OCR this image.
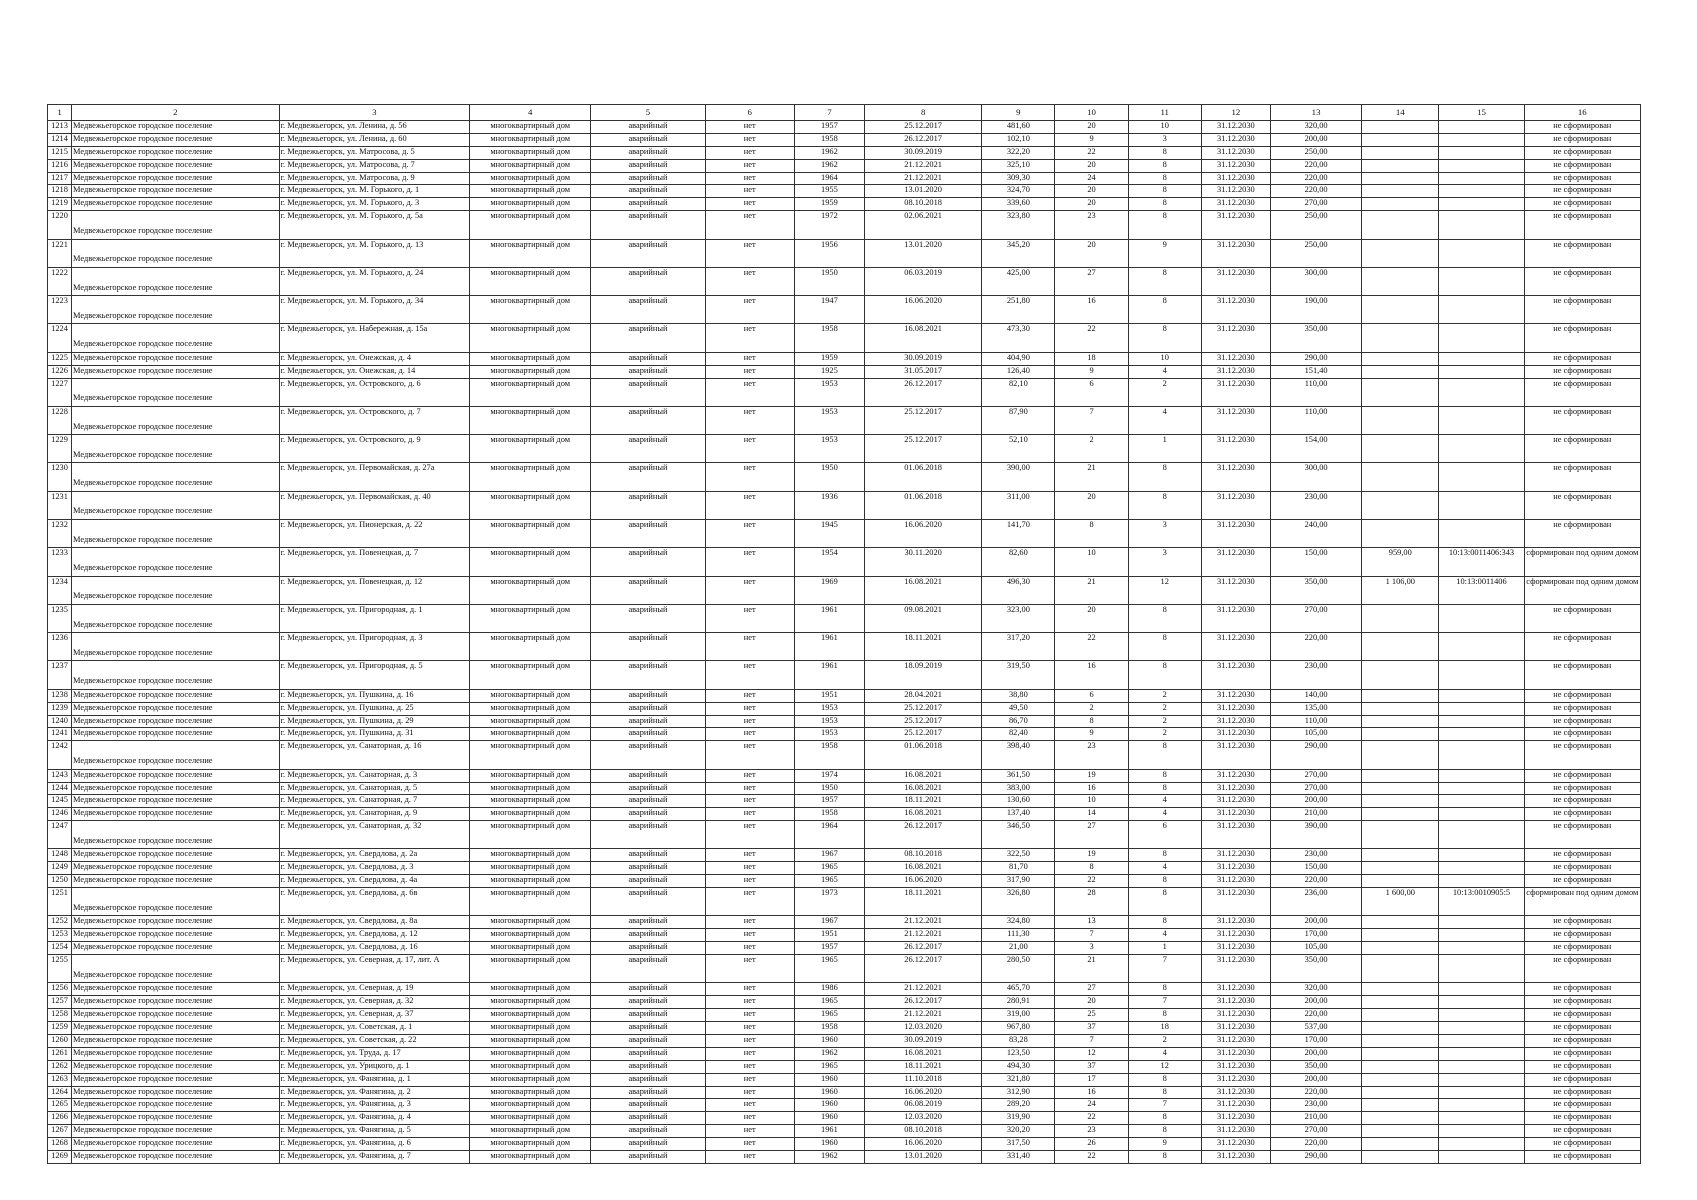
1	2	3	4	5	6	7	8	9	10	11	12	13	14	15	16
1213	Медвежьегорское городское поселение	г. Медвежьегорск, ул. Ленина, д. 56	многоквартирный дом	аварийный	нет	1957	25.12.2017	481,60	20	10	31.12.2030	320,00			не сформирован
1214	Медвежьегорское городское поселение	г. Медвежьегорск, ул. Ленина, д. 60	многоквартирный дом	аварийный	нет	1958	26.12.2017	102,10	9	3	31.12.2030	200,00			не сформирован
1215	Медвежьегорское городское поселение	г. Медвежьегорск, ул. Матросова, д. 5	многоквартирный дом	аварийный	нет	1962	30.09.2019	322,20	22	8	31.12.2030	250,00			не сформирован
1216	Медвежьегорское городское поселение	г. Медвежьегорск, ул. Матросова, д. 7	многоквартирный дом	аварийный	нет	1962	21.12.2021	325,10	20	8	31.12.2030	220,00			не сформирован
1217	Медвежьегорское городское поселение	г. Медвежьегорск, ул. Матросова, д. 9	многоквартирный дом	аварийный	нет	1964	21.12.2021	309,30	24	8	31.12.2030	220,00			не сформирован
1218	Медвежьегорское городское поселение	г. Медвежьегорск, ул. М. Горького, д. 1	многоквартирный дом	аварийный	нет	1955	13.01.2020	324,70	20	8	31.12.2030	220,00			не сформирован
1219	Медвежьегорское городское поселение	г. Медвежьегорск, ул. М. Горького, д. 3	многоквартирный дом	аварийный	нет	1959	08.10.2018	339,60	20	8	31.12.2030	270,00			не сформирован
1220	Медвежьегорское городское поселение	г. Медвежьегорск, ул. М. Горького, д. 5а	многоквартирный дом	аварийный	нет	1972	02.06.2021	323,80	23	8	31.12.2030	250,00			не сформирован
1221	Медвежьегорское городское поселение	г. Медвежьегорск, ул. М. Горького, д. 13	многоквартирный дом	аварийный	нет	1956	13.01.2020	345,20	20	9	31.12.2030	250,00			не сформирован
1222	Медвежьегорское городское поселение	г. Медвежьегорск, ул. М. Горького, д. 24	многоквартирный дом	аварийный	нет	1950	06.03.2019	425,00	27	8	31.12.2030	300,00			не сформирован
1223	Медвежьегорское городское поселение	г. Медвежьегорск, ул. М. Горького, д. 34	многоквартирный дом	аварийный	нет	1947	16.06.2020	251,80	16	8	31.12.2030	190,00			не сформирован
1224	Медвежьегорское городское поселение	г. Медвежьегорск, ул. Набережная, д. 15а	многоквартирный дом	аварийный	нет	1958	16.08.2021	473,30	22	8	31.12.2030	350,00			не сформирован
1225	Медвежьегорское городское поселение	г. Медвежьегорск, ул. Онежская, д. 4	многоквартирный дом	аварийный	нет	1959	30.09.2019	404,90	18	10	31.12.2030	290,00			не сформирован
1226	Медвежьегорское городское поселение	г. Медвежьегорск, ул. Онежская, д. 14	многоквартирный дом	аварийный	нет	1925	31.05.2017	126,40	9	4	31.12.2030	151,40			не сформирован
1227	Медвежьегорское городское поселение	г. Медвежьегорск, ул. Островского, д. 6	многоквартирный дом	аварийный	нет	1953	26.12.2017	82,10	6	2	31.12.2030	110,00			не сформирован
1228	Медвежьегорское городское поселение	г. Медвежьегорск, ул. Островского, д. 7	многоквартирный дом	аварийный	нет	1953	25.12.2017	87,90	7	4	31.12.2030	110,00			не сформирован
1229	Медвежьегорское городское поселение	г. Медвежьегорск, ул. Островского, д. 9	многоквартирный дом	аварийный	нет	1953	25.12.2017	52,10	2	1	31.12.2030	154,00			не сформирован
1230	Медвежьегорское городское поселение	г. Медвежьегорск, ул. Первомайская, д. 27а	многоквартирный дом	аварийный	нет	1950	01.06.2018	390,00	21	8	31.12.2030	300,00			не сформирован
1231	Медвежьегорское городское поселение	г. Медвежьегорск, ул. Первомайская, д. 40	многоквартирный дом	аварийный	нет	1936	01.06.2018	311,00	20	8	31.12.2030	230,00			не сформирован
1232	Медвежьегорское городское поселение	г. Медвежьегорск, ул. Пионерская, д. 22	многоквартирный дом	аварийный	нет	1945	16.06.2020	141,70	8	3	31.12.2030	240,00			не сформирован
1233	Медвежьегорское городское поселение	г. Медвежьегорск, ул. Повенецкая, д. 7	многоквартирный дом	аварийный	нет	1954	30.11.2020	82,60	10	3	31.12.2030	150,00	959,00	10:13:0011406:343	сформирован под одним домом
1234	Медвежьегорское городское поселение	г. Медвежьегорск, ул. Повенецкая, д. 12	многоквартирный дом	аварийный	нет	1969	16.08.2021	496,30	21	12	31.12.2030	350,00	1 106,00	10:13:0011406	сформирован под одним домом
1235	Медвежьегорское городское поселение	г. Медвежьегорск, ул. Пригородная, д. 1	многоквартирный дом	аварийный	нет	1961	09.08.2021	323,00	20	8	31.12.2030	270,00			не сформирован
1236	Медвежьегорское городское поселение	г. Медвежьегорск, ул. Пригородная, д. 3	многоквартирный дом	аварийный	нет	1961	18.11.2021	317,20	22	8	31.12.2030	220,00			не сформирован
1237	Медвежьегорское городское поселение	г. Медвежьегорск, ул. Пригородная, д. 5	многоквартирный дом	аварийный	нет	1961	18.09.2019	319,50	16	8	31.12.2030	230,00			не сформирован
1238	Медвежьегорское городское поселение	г. Медвежьегорск, ул. Пушкина, д. 16	многоквартирный дом	аварийный	нет	1951	28.04.2021	38,80	6	2	31.12.2030	140,00			не сформирован
1239	Медвежьегорское городское поселение	г. Медвежьегорск, ул. Пушкина, д. 25	многоквартирный дом	аварийный	нет	1953	25.12.2017	49,50	2	2	31.12.2030	135,00			не сформирован
1240	Медвежьегорское городское поселение	г. Медвежьегорск, ул. Пушкина, д. 29	многоквартирный дом	аварийный	нет	1953	25.12.2017	86,70	8	2	31.12.2030	110,00			не сформирован
1241	Медвежьегорское городское поселение	г. Медвежьегорск, ул. Пушкина, д. 31	многоквартирный дом	аварийный	нет	1953	25.12.2017	82,40	9	2	31.12.2030	105,00			не сформирован
1242	Медвежьегорское городское поселение	г. Медвежьегорск, ул. Санаторная, д. 16	многоквартирный дом	аварийный	нет	1958	01.06.2018	398,40	23	8	31.12.2030	290,00			не сформирован
1243	Медвежьегорское городское поселение	г. Медвежьегорск, ул. Санаторная, д. 3	многоквартирный дом	аварийный	нет	1974	16.08.2021	361,50	19	8	31.12.2030	270,00			не сформирован
1244	Медвежьегорское городское поселение	г. Медвежьегорск, ул. Санаторная, д. 5	многоквартирный дом	аварийный	нет	1950	16.08.2021	383,00	16	8	31.12.2030	270,00			не сформирован
1245	Медвежьегорское городское поселение	г. Медвежьегорск, ул. Санаторная, д. 7	многоквартирный дом	аварийный	нет	1957	18.11.2021	130,60	10	4	31.12.2030	200,00			не сформирован
1246	Медвежьегорское городское поселение	г. Медвежьегорск, ул. Санаторная, д. 9	многоквартирный дом	аварийный	нет	1958	16.08.2021	137,40	14	4	31.12.2030	210,00			не сформирован
1247	Медвежьегорское городское поселение	г. Медвежьегорск, ул. Санаторная, д. 32	многоквартирный дом	аварийный	нет	1964	26.12.2017	346,50	27	6	31.12.2030	390,00			не сформирован
1248	Медвежьегорское городское поселение	г. Медвежьегорск, ул. Свердлова, д. 2а	многоквартирный дом	аварийный	нет	1967	08.10.2018	322,50	19	8	31.12.2030	230,00			не сформирован
1249	Медвежьегорское городское поселение	г. Медвежьегорск, ул. Свердлова, д. 3	многоквартирный дом	аварийный	нет	1965	16.08.2021	81,70	8	4	31.12.2030	150,00			не сформирован
1250	Медвежьегорское городское поселение	г. Медвежьегорск, ул. Свердлова, д. 4а	многоквартирный дом	аварийный	нет	1965	16.06.2020	317,90	22	8	31.12.2030	220,00			не сформирован
1251	Медвежьегорское городское поселение	г. Медвежьегорск, ул. Свердлова, д. 6в	многоквартирный дом	аварийный	нет	1973	18.11.2021	326,80	28	8	31.12.2030	236,00	1 600,00	10:13:0010905:5	сформирован под одним домом
1252	Медвежьегорское городское поселение	г. Медвежьегорск, ул. Свердлова, д. 8а	многоквартирный дом	аварийный	нет	1967	21.12.2021	324,80	13	8	31.12.2030	200,00			не сформирован
1253	Медвежьегорское городское поселение	г. Медвежьегорск, ул. Свердлова, д. 12	многоквартирный дом	аварийный	нет	1951	21.12.2021	111,30	7	4	31.12.2030	170,00			не сформирован
1254	Медвежьегорское городское поселение	г. Медвежьегорск, ул. Свердлова, д. 16	многоквартирный дом	аварийный	нет	1957	26.12.2017	21,00	3	1	31.12.2030	105,00			не сформирован
1255	Медвежьегорское городское поселение	г. Медвежьегорск, ул. Северная, д. 17, лит. А	многоквартирный дом	аварийный	нет	1965	26.12.2017	280,50	21	7	31.12.2030	350,00			не сформирован
1256	Медвежьегорское городское поселение	г. Медвежьегорск, ул. Северная, д. 19	многоквартирный дом	аварийный	нет	1986	21.12.2021	465,70	27	8	31.12.2030	320,00			не сформирован
1257	Медвежьегорское городское поселение	г. Медвежьегорск, ул. Северная, д. 32	многоквартирный дом	аварийный	нет	1965	26.12.2017	280,91	20	7	31.12.2030	200,00			не сформирован
1258	Медвежьегорское городское поселение	г. Медвежьегорск, ул. Северная, д. 37	многоквартирный дом	аварийный	нет	1965	21.12.2021	319,00	25	8	31.12.2030	220,00			не сформирован
1259	Медвежьегорское городское поселение	г. Медвежьегорск, ул. Советская, д. 1	многоквартирный дом	аварийный	нет	1958	12.03.2020	967,80	37	18	31.12.2030	537,00			не сформирован
1260	Медвежьегорское городское поселение	г. Медвежьегорск, ул. Советская, д. 22	многоквартирный дом	аварийный	нет	1960	30.09.2019	83,28	7	2	31.12.2030	170,00			не сформирован
1261	Медвежьегорское городское поселение	г. Медвежьегорск, ул. Труда, д. 17	многоквартирный дом	аварийный	нет	1962	16.08.2021	123,50	12	4	31.12.2030	200,00			не сформирован
1262	Медвежьегорское городское поселение	г. Медвежьегорск, ул. Урицкого, д. 1	многоквартирный дом	аварийный	нет	1965	18.11.2021	494,30	37	12	31.12.2030	350,00			не сформирован
1263	Медвежьегорское городское поселение	г. Медвежьегорск, ул. Фанягина, д. 1	многоквартирный дом	аварийный	нет	1960	11.10.2018	321,80	17	8	31.12.2030	200,00			не сформирован
1264	Медвежьегорское городское поселение	г. Медвежьегорск, ул. Фанягина, д. 2	многоквартирный дом	аварийный	нет	1960	16.06.2020	312,90	16	8	31.12.2030	220,00			не сформирован
1265	Медвежьегорское городское поселение	г. Медвежьегорск, ул. Фанягина, д. 3	многоквартирный дом	аварийный	нет	1960	06.08.2019	289,20	24	7	31.12.2030	230,00			не сформирован
1266	Медвежьегорское городское поселение	г. Медвежьегорск, ул. Фанягина, д. 4	многоквартирный дом	аварийный	нет	1960	12.03.2020	319,90	22	8	31.12.2030	210,00			не сформирован
1267	Медвежьегорское городское поселение	г. Медвежьегорск, ул. Фанягина, д. 5	многоквартирный дом	аварийный	нет	1961	08.10.2018	320,20	23	8	31.12.2030	270,00			не сформирован
1268	Медвежьегорское городское поселение	г. Медвежьегорск, ул. Фанягина, д. 6	многоквартирный дом	аварийный	нет	1960	16.06.2020	317,50	26	9	31.12.2030	220,00			не сформирован
1269	Медвежьегорское городское поселение	г. Медвежьегорск, ул. Фанягина, д. 7	многоквартирный дом	аварийный	нет	1962	13.01.2020	331,40	22	8	31.12.2030	290,00			не сформирован
